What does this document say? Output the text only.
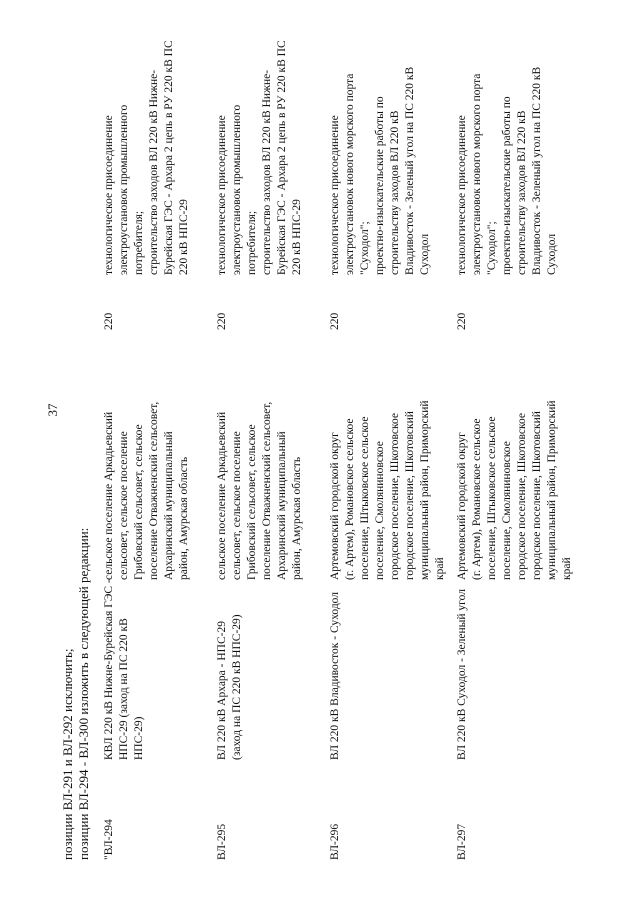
37
позиции ВЛ-291 и ВЛ-292 исключить; позиции ВЛ-294 - ВЛ-300 изложить в следующей редакции: "ВЛ-294
КВЛ 220 кВ Нижне-Бурейская ГЭС - НПС-29 (заход на ПС 220 кВ НПС-29)
сельское поселение Аркадьевский сельсовет, сельское поселение Грибовский сельсовет, сельское поселение Отважненский сельсовет, Архаринский муниципальный район, Амурская область
220
технологическое присоединение электроустановок промышленного потребителя; строительство заходов ВЛ 220 кВ Нижне- Бурейская ГЭС - Архара 2 цепь в РУ 220 кВ ПС 220 кВ НПС-29
ВЛ-295
ВЛ 220 кВ Архара - НПС-29 (заход на ПС 220 кВ НПС-29)
сельское поселение Аркадьевский сельсовет, сельское поселение Грибовский сельсовет, сельское поселение Отважненский сельсовет, Архаринский муниципальный район, Амурская область
220
технологическое присоединение электроустановок промышленного потребителя; строительство заходов ВЛ 220 кВ Нижне- Бурейская ГЭС - Архара 2 цепь в РУ 220 кВ ПС 220 кВ НПС-29
ВЛ-296
ВЛ 220 кВ Владивосток - Суходол
Артемовский городской округ (г. Артем), Романовское сельское поселение, Штыковское сельское поселение, Смоляниновское городское поселение, Шкотовское городское поселение, Шкотовский муниципальный район, Приморский край
220
технологическое присоединение электроустановок нового морского порта "Суходол"; проектно-изыскательские работы по строительству заходов ВЛ 220 кВ Владивосток - Зеленый угол на ПС 220 кВ Суходол
ВЛ-297
ВЛ 220 кВ Суходол - Зеленый угол
Артемовский городской округ (г. Артем), Романовское сельское поселение, Штыковское сельское поселение, Смоляниновское городское поселение, Шкотовское городское поселение, Шкотовский муниципальный район, Приморский край
220
технологическое присоединение электроустановок нового морского порта "Суходол"; проектно-изыскательские работы по строительству заходов ВЛ 220 кВ Владивосток - Зеленый угол на ПС 220 кВ Суходол
